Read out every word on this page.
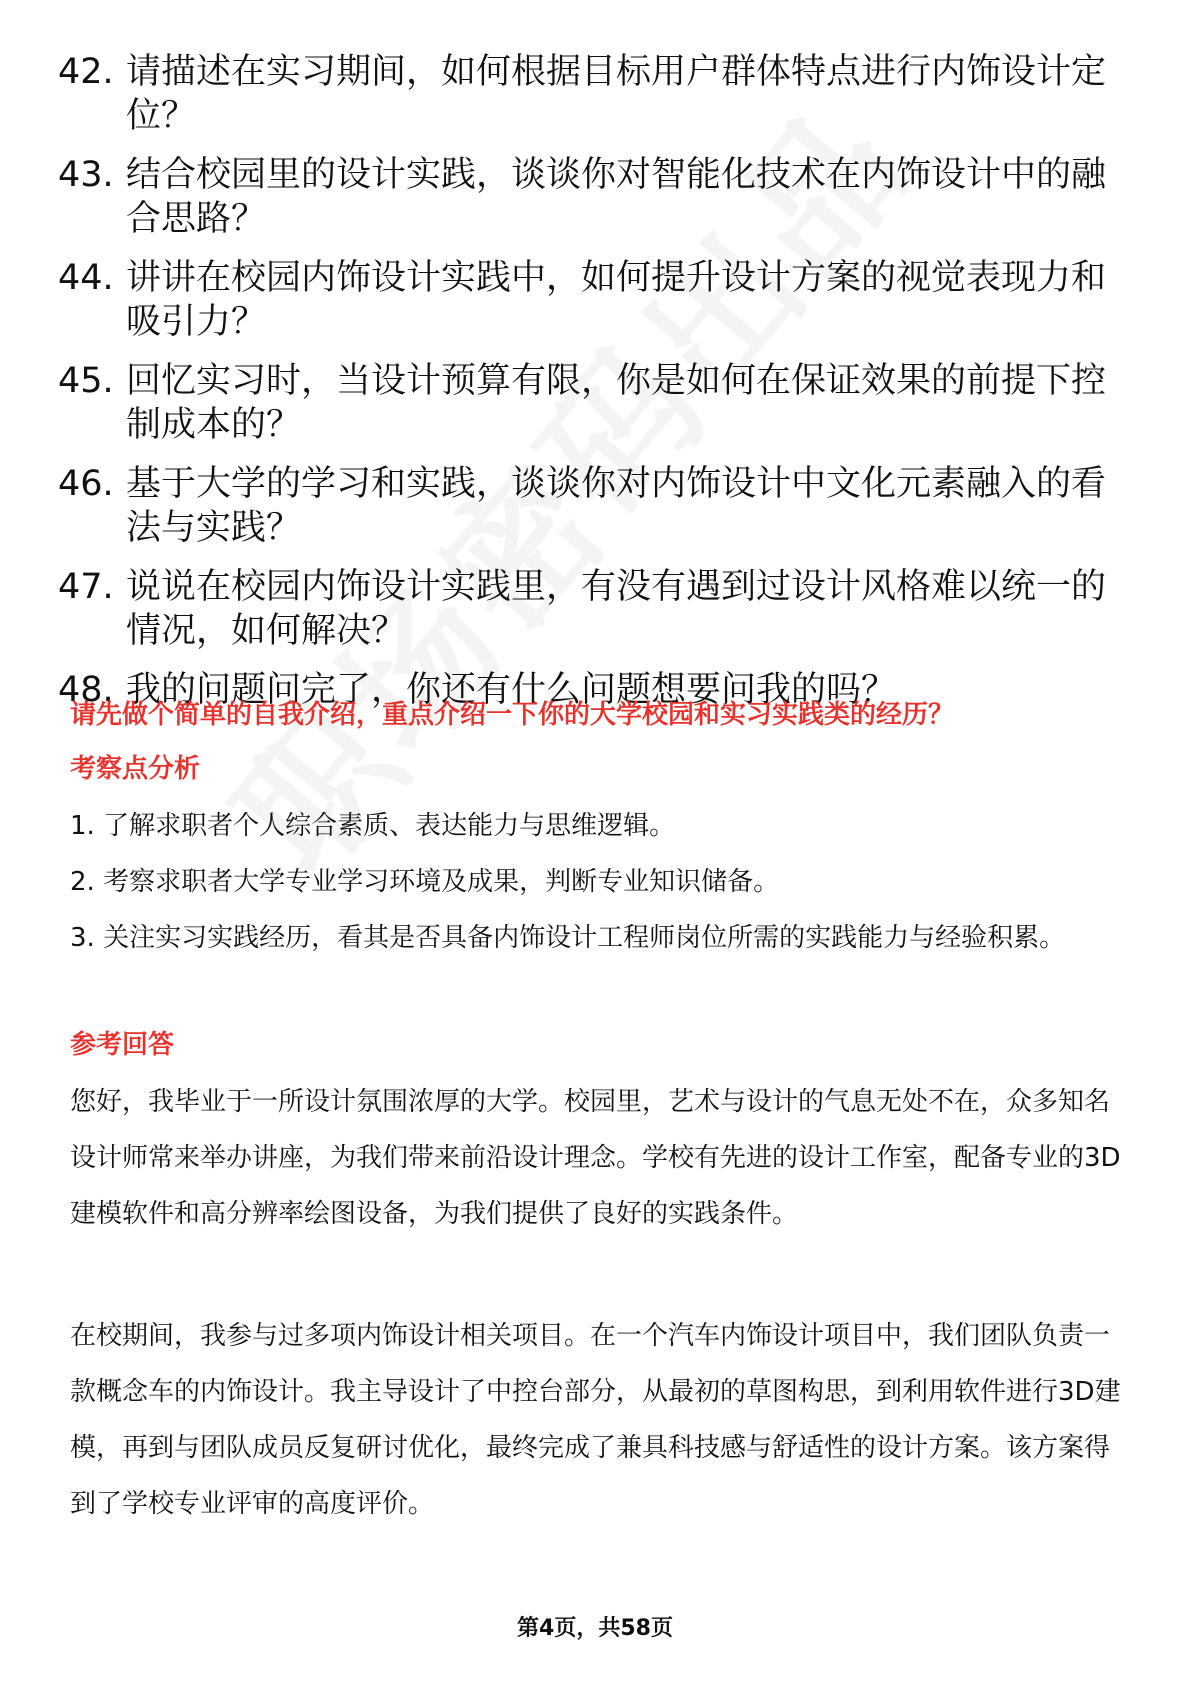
42. 请描述在实习期间，如何根据目标用户群体特点进行内饰设计定位？
43. 结合校园里的设计实践，谈谈你对智能化技术在内饰设计中的融合思路？
44. 讲讲在校园内饰设计实践中，如何提升设计方案的视觉表现力和吸引力？
45. 回忆实习时，当设计预算有限，你是如何在保证效果的前提下控制成本的？
46. 基于大学的学习和实践，谈谈你对内饰设计中文化元素融入的看法与实践？
47. 说说在校园内饰设计实践里，有没有遇到过设计风格难以统一的情况，如何解决？
48. 我的问题问完了，你还有什么问题想要问我的吗？
请先做个简单的自我介绍，重点介绍一下你的大学校园和实习实践类的经历？
考察点分析
1. 了解求职者个人综合素质、表达能力与思维逻辑。
2. 考察求职者大学专业学习环境及成果，判断专业知识储备。
3. 关注实习实践经历，看其是否具备内饰设计工程师岗位所需的实践能力与经验积累。
参考回答

您好，我毕业于一所设计氛围浓厚的大学。校园里，艺术与设计的气息无处不在，众多知名设计师常来举办讲座，为我们带来前沿设计理念。学校有先进的设计工作室，配备专业的3D建模软件和高分辨率绘图设备，为我们提供了良好的实践条件。

在校期间，我参与过多项内饰设计相关项目。在一个汽车内饰设计项目中，我们团队负责一款概念车的内饰设计。我主导设计了中控台部分，从最初的草图构思，到利用软件进行3D建模，再到与团队成员反复研讨优化，最终完成了兼具科技感与舒适性的设计方案。该方案得到了学校专业评审的高度评价。

第4页，共58页
